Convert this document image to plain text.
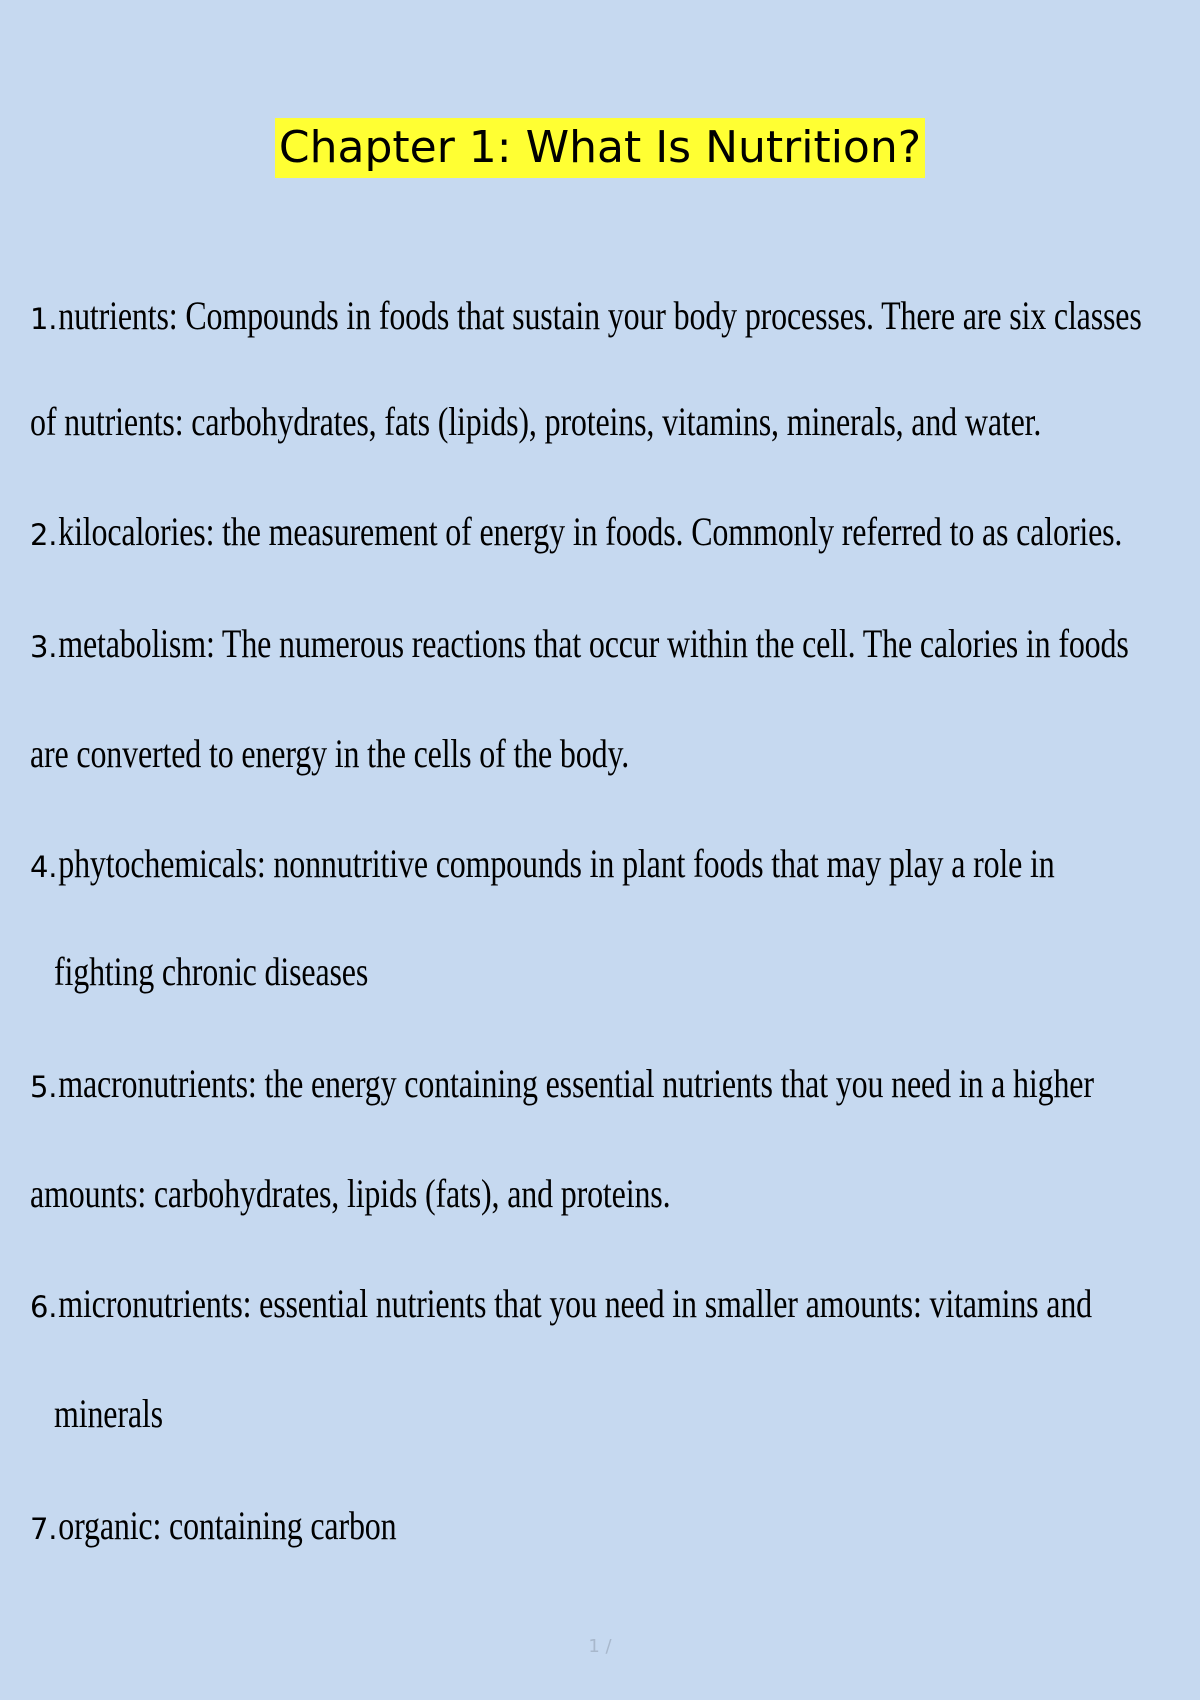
Chapter 1: What Is Nutrition?
1.nutrients: Compounds in foods that sustain your body processes. There are six classes
of nutrients: carbohydrates, fats (lipids), proteins, vitamins, minerals, and water.
2.kilocalories: the measurement of energy in foods. Commonly referred to as calories.
3.metabolism: The numerous reactions that occur within the cell. The calories in foods
are converted to energy in the cells of the body.
4.phytochemicals: nonnutritive compounds in plant foods that may play a role in
fighting chronic diseases
5.macronutrients: the energy containing essential nutrients that you need in a higher
amounts: carbohydrates, lipids (fats), and proteins.
6.micronutrients: essential nutrients that you need in smaller amounts: vitamins and
minerals
7.organic: containing carbon
1 /
